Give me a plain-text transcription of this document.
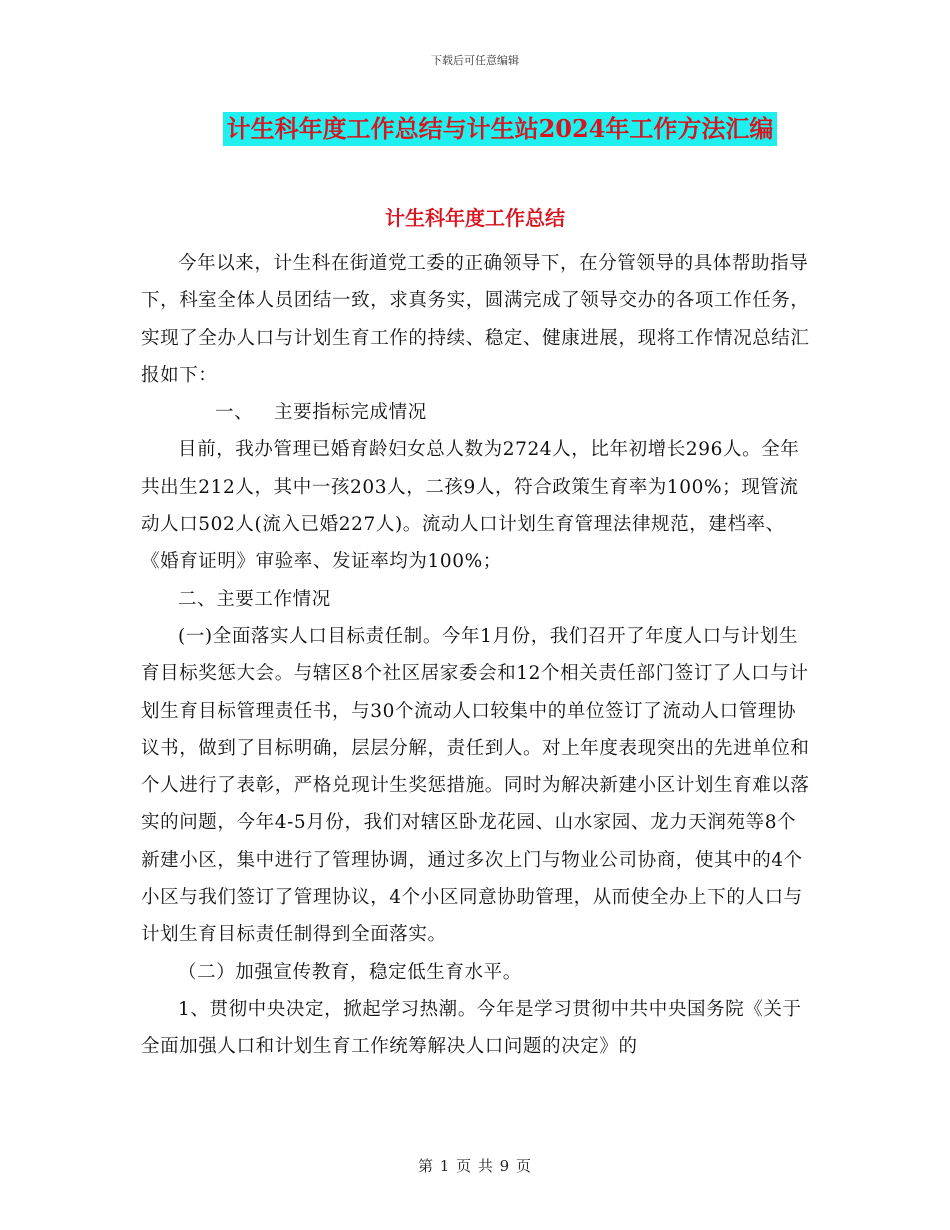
下载后可任意编辑
计生科年度工作总结与计生站2024年工作方法汇编
计生科年度工作总结

今年以来，计生科在街道党工委的正确领导下，在分管领导的具体帮助指导下，科室全体人员团结一致，求真务实，圆满完成了领导交办的各项工作任务，实现了全办人口与计划生育工作的持续、稳定、健康进展，现将工作情况总结汇报如下：

一、 主要指标完成情况

目前，我办管理已婚育龄妇女总人数为2724人，比年初增长296人。全年共出生212人，其中一孩203人，二孩9人，符合政策生育率为100%；现管流动人口502人(流入已婚227人)。流动人口计划生育管理法律规范，建档率、《婚育证明》审验率、发证率均为100%；

二、主要工作情况

(一)全面落实人口目标责任制。今年1月份，我们召开了年度人口与计划生育目标奖惩大会。与辖区8个社区居家委会和12个相关责任部门签订了人口与计划生育目标管理责任书，与30个流动人口较集中的单位签订了流动人口管理协议书，做到了目标明确，层层分解，责任到人。对上年度表现突出的先进单位和个人进行了表彰，严格兑现计生奖惩措施。同时为解决新建小区计划生育难以落实的问题，今年4-5月份，我们对辖区卧龙花园、山水家园、龙力天润苑等8个新建小区，集中进行了管理协调，通过多次上门与物业公司协商，使其中的4个小区与我们签订了管理协议，4个小区同意协助管理，从而使全办上下的人口与计划生育目标责任制得到全面落实。

（二）加强宣传教育，稳定低生育水平。

1、贯彻中央决定，掀起学习热潮。今年是学习贯彻中共中央国务院《关于全面加强人口和计划生育工作统筹解决人口问题的决定》的

第 1 页 共 9 页
